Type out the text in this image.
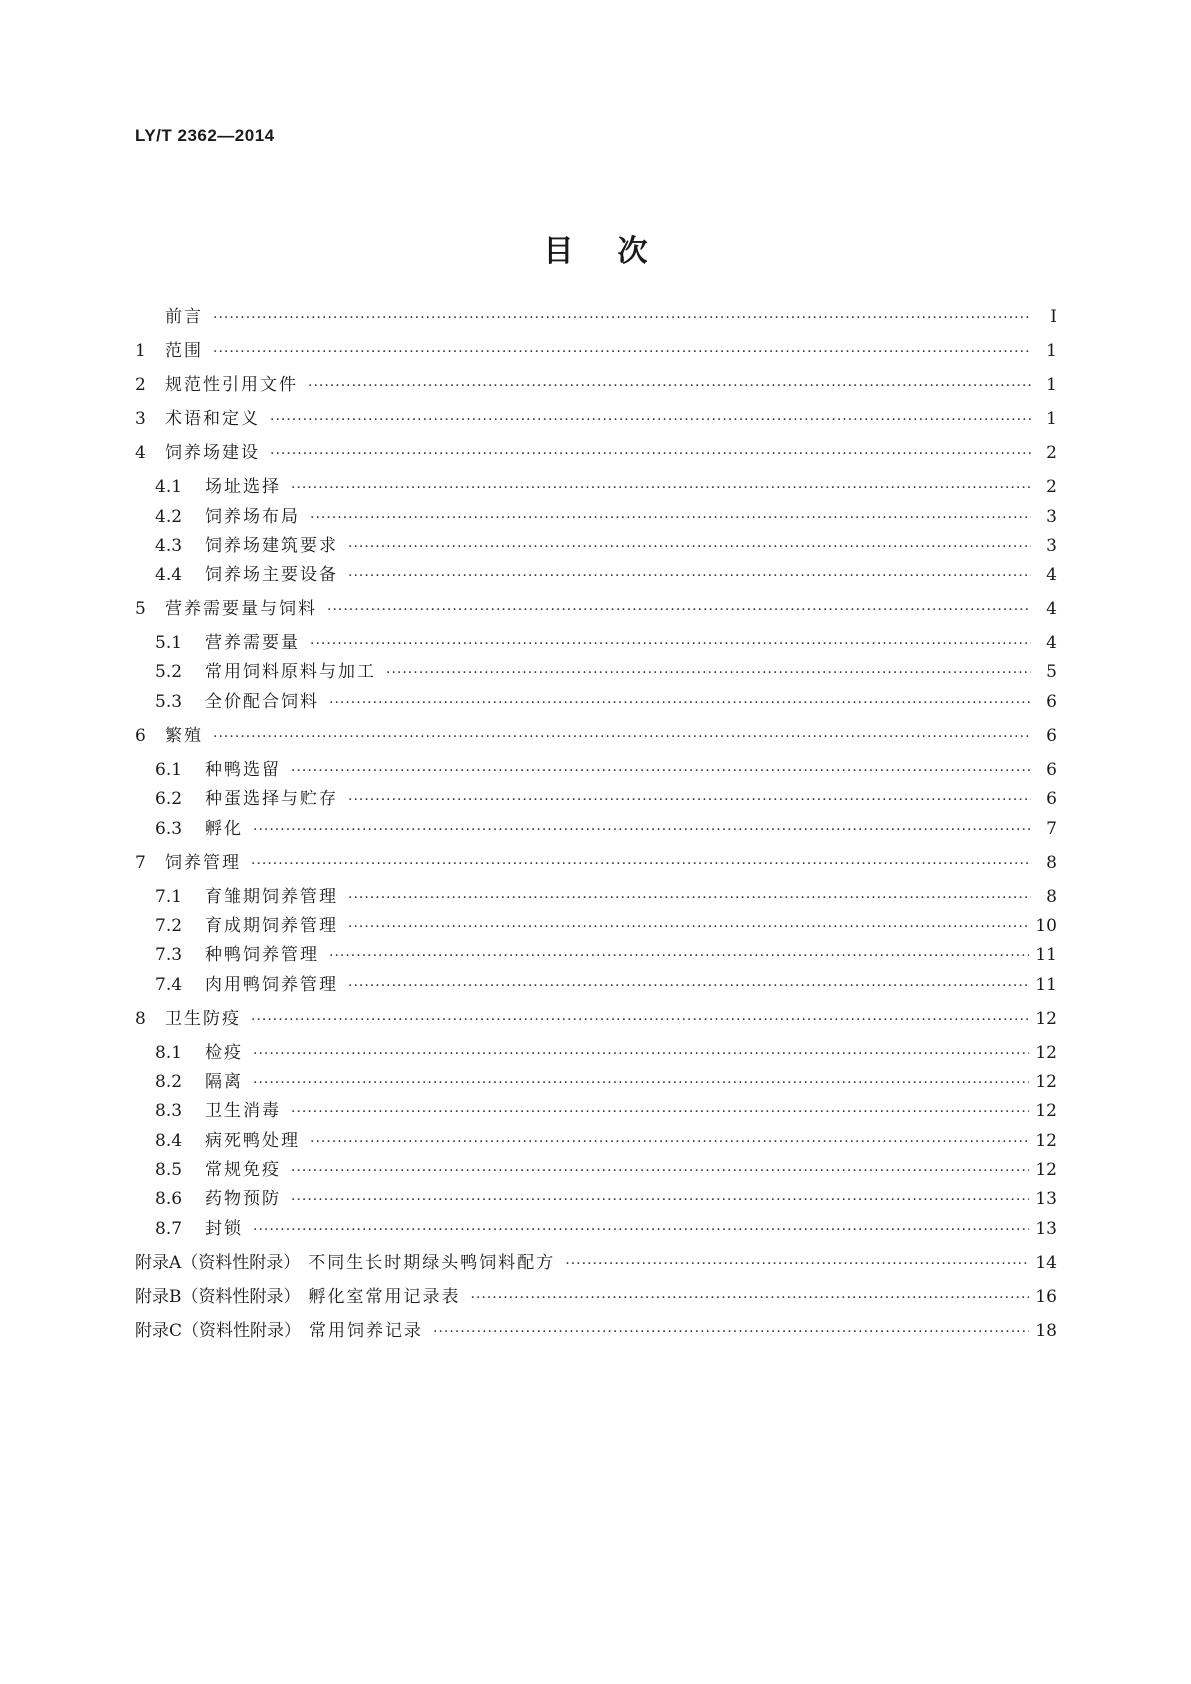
LY/T 2362—2014
目次
前言 ·····	Ⅰ
1	范围 ·····	1
2	规范性引用文件 ·····	1
3	术语和定义 ·····	1
4	饲养场建设 ·····	2
4.1	场址选择 ·····	2
4.2	饲养场布局 ·····	3
4.3	饲养场建筑要求 ·····	3
4.4	饲养场主要设备 ·····	4
5	营养需要量与饲料 ·····	4
5.1	营养需要量 ·····	4
5.2	常用饲料原料与加工 ·····	5
5.3	全价配合饲料 ·····	6
6	繁殖 ·····	6
6.1	种鸭选留 ·····	6
6.2	种蛋选择与贮存 ·····	6
6.3	孵化 ·····	7
7	饲养管理 ·····	8
7.1	育雏期饲养管理 ·····	8
7.2	育成期饲养管理 ·····	10
7.3	种鸭饲养管理 ·····	11
7.4	肉用鸭饲养管理 ·····	11
8	卫生防疫 ·····	12
8.1	检疫 ·····	12
8.2	隔离 ·····	12
8.3	卫生消毒 ·····	12
8.4	病死鸭处理 ·····	12
8.5	常规免疫 ·····	12
8.6	药物预防 ·····	13
8.7	封锁 ·····	13
附录A（资料性附录） 不同生长时期绿头鸭饲料配方 ·····	14
附录B（资料性附录） 孵化室常用记录表 ·····	16
附录C（资料性附录） 常用饲养记录 ·····	18
